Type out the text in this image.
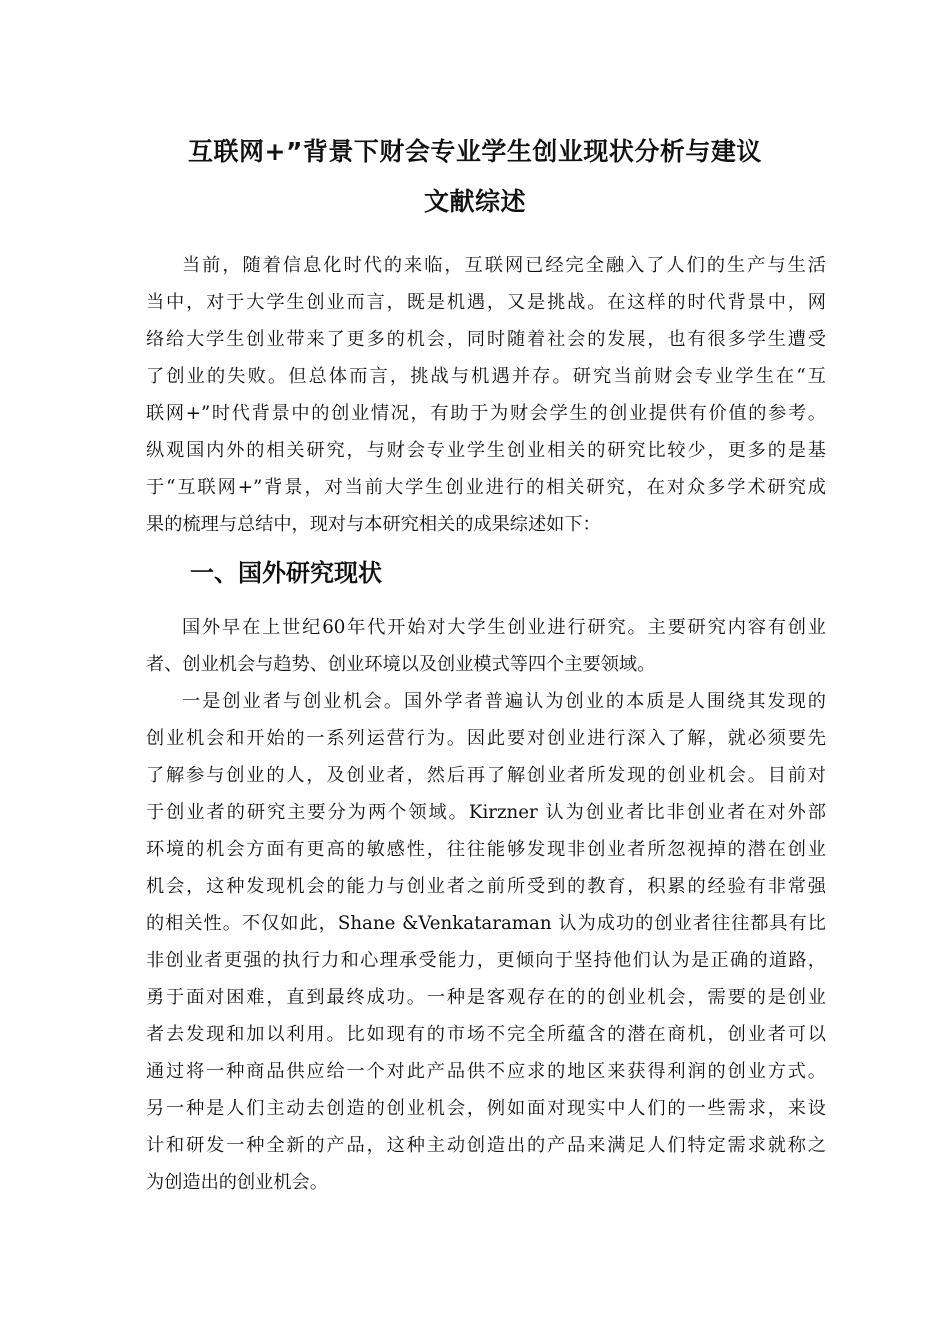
互联网+”背景下财会专业学生创业现状分析与建议
文献综述
当前，随着信息化时代的来临，互联网已经完全融入了人们的生产与生活
当中，对于大学生创业而言，既是机遇，又是挑战。在这样的时代背景中，网
络给大学生创业带来了更多的机会，同时随着社会的发展，也有很多学生遭受
了创业的失败。但总体而言，挑战与机遇并存。研究当前财会专业学生在“互
联网+”时代背景中的创业情况，有助于为财会学生的创业提供有价值的参考。
纵观国内外的相关研究，与财会专业学生创业相关的研究比较少，更多的是基
于“互联网+”背景，对当前大学生创业进行的相关研究，在对众多学术研究成
果的梳理与总结中，现对与本研究相关的成果综述如下：
一、国外研究现状
国外早在上世纪60年代开始对大学生创业进行研究。主要研究内容有创业
者、创业机会与趋势、创业环境以及创业模式等四个主要领域。
一是创业者与创业机会。国外学者普遍认为创业的本质是人围绕其发现的
创业机会和开始的一系列运营行为。因此要对创业进行深入了解，就必须要先
了解参与创业的人，及创业者，然后再了解创业者所发现的创业机会。目前对
于创业者的研究主要分为两个领域。Kirzner 认为创业者比非创业者在对外部
环境的机会方面有更高的敏感性，往往能够发现非创业者所忽视掉的潜在创业
机会，这种发现机会的能力与创业者之前所受到的教育，积累的经验有非常强
的相关性。不仅如此，Shane &Venkataraman 认为成功的创业者往往都具有比
非创业者更强的执行力和心理承受能力，更倾向于坚持他们认为是正确的道路，
勇于面对困难，直到最终成功。一种是客观存在的的创业机会，需要的是创业
者去发现和加以利用。比如现有的市场不完全所蕴含的潜在商机，创业者可以
通过将一种商品供应给一个对此产品供不应求的地区来获得利润的创业方式。
另一种是人们主动去创造的创业机会，例如面对现实中人们的一些需求，来设
计和研发一种全新的产品，这种主动创造出的产品来满足人们特定需求就称之
为创造出的创业机会。
